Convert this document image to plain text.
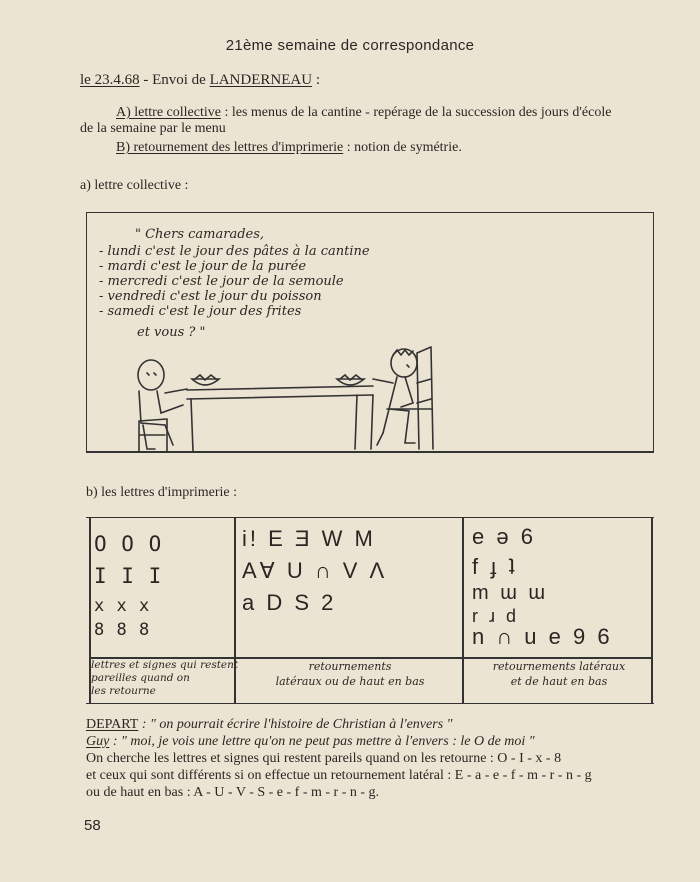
21ème semaine de correspondance
le 23.4.68 - Envoi de LANDERNEAU :
A) lettre collective : les menus de la cantine - repérage de la succession des jours d'école
de la semaine par le menu
B) retournement des lettres d'imprimerie : notion de symétrie.
a) lettre collective :
" Chers camarades,
- lundi c'est le jour des pâtes à la cantine
- mardi c'est le jour de la purée
- mercredi c'est le jour de la semoule
- vendredi c'est le jour du poisson
- samedi c'est le jour des frites
et vous ? "
b) les lettres d'imprimerie :
O O O
I I I
x x x
8 8 8
lettres et signes qui restent
pareilles quand on
les retourne
i! E Ǝ W M
A∀ U ∩ V Λ
a D S 2
retournements
latéraux ou de haut en bas
e ə 6
f ɟ ʇ
m ɯ ɯ
r ɹ d
n ∩ u e 9 6
retournements latéraux
et de haut en bas
DEPART : " on pourrait écrire l'histoire de Christian à l'envers "
Guy : " moi, je vois une lettre qu'on ne peut pas mettre à l'envers : le O de moi "
On cherche les lettres et signes qui restent pareils quand on les retourne : O - I - x - 8
et ceux qui sont différents si on effectue un retournement latéral : E - a - e - f - m - r - n - g
ou de haut en bas : A - U - V - S - e - f - m - r - n - g.
58
